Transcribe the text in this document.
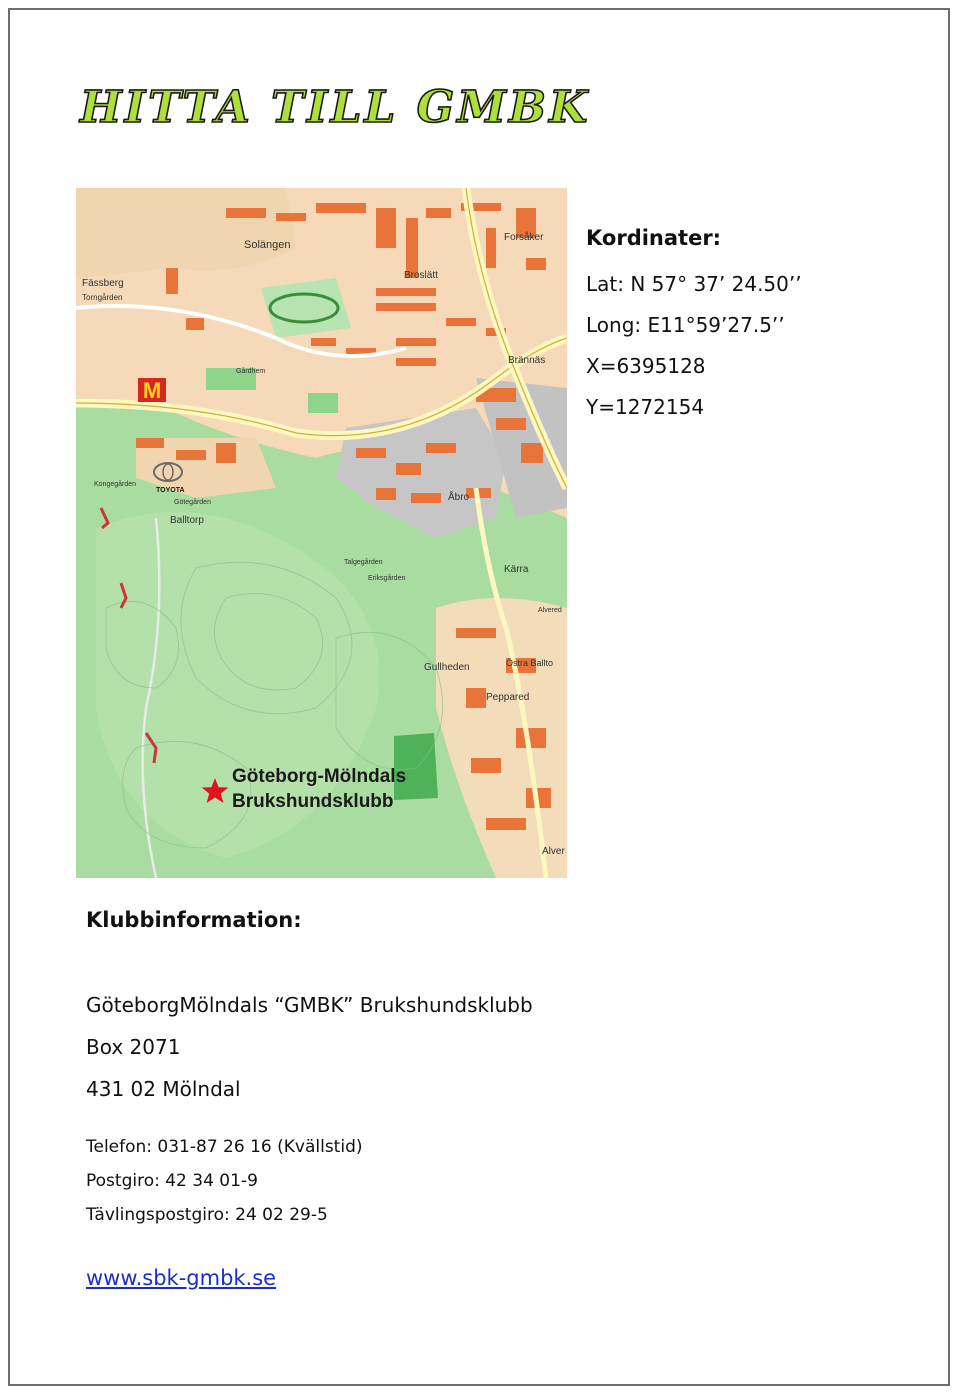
HITTA TILL GMBK
M
Solängen
Fässberg
Torngården
Broslätt
Forsåker
Brännäs
Gårdhem
Kongegården
TOYOTA
Götegården
Balltorp
Åbro
Talgegården
Eriksgården
Kärra
Alvered
Gullheden	Östra Ballto
Peppared
Alver
Göteborg-Mölndals
Brukshundsklubb

Kordinater:

Lat: N 57° 37’ 24.50’’

Long: E11°59’27.5’’

X=6395128

Y=1272154

Klubbinformation:

GöteborgMölndals “GMBK” Brukshundsklubb

Box 2071

431 02 Mölndal

Telefon: 031-87 26 16 (Kvällstid)

Postgiro: 42 34 01-9

Tävlingspostgiro: 24 02 29-5

www.sbk-gmbk.se
